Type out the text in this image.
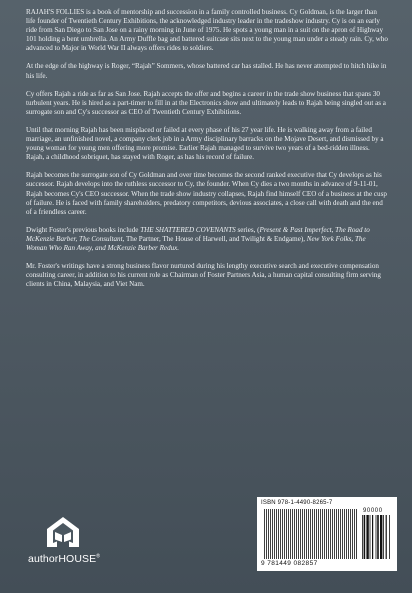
RAJAH'S FOLLIES is a book of mentorship and succession in a family controlled business. Cy Goldman, is the larger than life founder of Twentieth Century Exhibitions, the acknowledged industry leader in the tradeshow industry. Cy is on an early ride from San Diego to San Jose on a rainy morning in June of 1975. He spots a young man in a suit on the apron of Highway 101 holding a bent umbrella. An Army Duffle bag and battered suitcase sits next to the young man under a steady rain. Cy, who advanced to Major in World War II always offers rides to soldiers.

At the edge of the highway is Roger, “Rajah” Sommers, whose battered car has stalled. He has never attempted to hitch hike in his life.

Cy offers Rajah a ride as far as San Jose. Rajah accepts the offer and begins a career in the trade show business that spans 30 turbulent years. He is hired as a part-timer to fill in at the Electronics show and ultimately leads to Rajah being singled out as a surrogate son and Cy's successor as CEO of Twentieth Century Exhibitions.

Until that morning Rajah has been misplaced or failed at every phase of his 27 year life. He is walking away from a failed marriage, an unfinished novel, a company clerk job in a Army disciplinary barracks on the Mojave Desert, and dismissed by a young woman for young men offering more promise. Earlier Rajah managed to survive two years of a bed-ridden illness. Rajah, a childhood sobriquet, has stayed with Roger, as has his record of failure.

Rajah becomes the surrogate son of Cy Goldman and over time becomes the second ranked executive that Cy develops as his successor. Rajah develops into the ruthless successor to Cy, the founder. When Cy dies a two months in advance of 9-11-01,

Rajah becomes Cy's CEO successor. When the trade show industry collapses, Rajah find himself CEO of a business at the cusp of failure. He is faced with family shareholders, predatory competitors, devious associates, a close call with death and the end of a friendless career.

Dwight Foster's previous books include THE SHATTERED COVENANTS series, (Present & Past Imperfect, The Road to McKenzie Barber, The Consultant, The Partner, The House of Harwell, and Twilight & Endgame), New York Folks, The Woman Who Ran Away, and McKenzie Barber Redux.

Mr. Foster's writings have a strong business flavor nurtured during his lengthy executive search and executive compensation consulting career, in addition to his current role as Chairman of Foster Partners Asia, a human capital consulting firm serving clients in China, Malaysia, and Viet Nam.

authorHOUSE®
ISBN 978-1-4490-8265-7
90000
9 781449 082857
